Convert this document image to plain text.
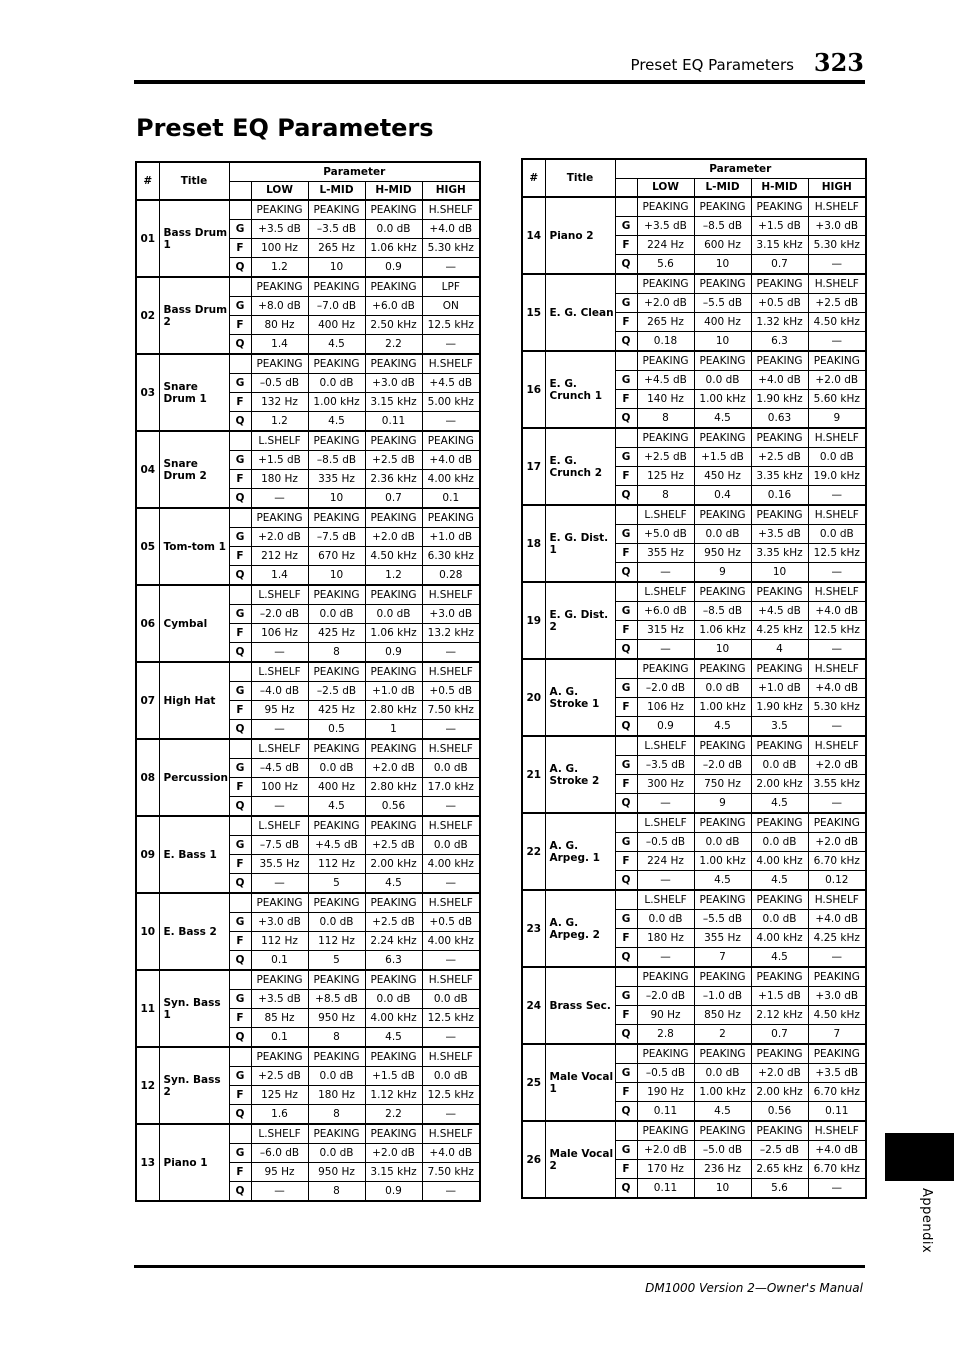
Preset EQ Parameters 323
Preset EQ Parameters
#	Title	Parameter				
			LOW	L-MID	H-MID	HIGH
01	Bass Drum 1		PEAKING	PEAKING	PEAKING	H.SHELF
		G	+3.5 dB	–3.5 dB	0.0 dB	+4.0 dB
		F	100 Hz	265 Hz	1.06 kHz	5.30 kHz
		Q	1.2	10	0.9	—
02	Bass Drum 2		PEAKING	PEAKING	PEAKING	LPF
		G	+8.0 dB	–7.0 dB	+6.0 dB	ON
		F	80 Hz	400 Hz	2.50 kHz	12.5 kHz
		Q	1.4	4.5	2.2	—
03	Snare Drum 1		PEAKING	PEAKING	PEAKING	H.SHELF
		G	–0.5 dB	0.0 dB	+3.0 dB	+4.5 dB
		F	132 Hz	1.00 kHz	3.15 kHz	5.00 kHz
		Q	1.2	4.5	0.11	—
04	Snare Drum 2		L.SHELF	PEAKING	PEAKING	PEAKING
		G	+1.5 dB	–8.5 dB	+2.5 dB	+4.0 dB
		F	180 Hz	335 Hz	2.36 kHz	4.00 kHz
		Q	—	10	0.7	0.1
05	Tom-tom 1		PEAKING	PEAKING	PEAKING	PEAKING
		G	+2.0 dB	–7.5 dB	+2.0 dB	+1.0 dB
		F	212 Hz	670 Hz	4.50 kHz	6.30 kHz
		Q	1.4	10	1.2	0.28
06	Cymbal		L.SHELF	PEAKING	PEAKING	H.SHELF
		G	–2.0 dB	0.0 dB	0.0 dB	+3.0 dB
		F	106 Hz	425 Hz	1.06 kHz	13.2 kHz
		Q	—	8	0.9	—
07	High Hat		L.SHELF	PEAKING	PEAKING	H.SHELF
		G	–4.0 dB	–2.5 dB	+1.0 dB	+0.5 dB
		F	95 Hz	425 Hz	2.80 kHz	7.50 kHz
		Q	—	0.5	1	—
08	Percussion		L.SHELF	PEAKING	PEAKING	H.SHELF
		G	–4.5 dB	0.0 dB	+2.0 dB	0.0 dB
		F	100 Hz	400 Hz	2.80 kHz	17.0 kHz
		Q	—	4.5	0.56	—
09	E. Bass 1		L.SHELF	PEAKING	PEAKING	H.SHELF
		G	–7.5 dB	+4.5 dB	+2.5 dB	0.0 dB
		F	35.5 Hz	112 Hz	2.00 kHz	4.00 kHz
		Q	—	5	4.5	—
10	E. Bass 2		PEAKING	PEAKING	PEAKING	H.SHELF
		G	+3.0 dB	0.0 dB	+2.5 dB	+0.5 dB
		F	112 Hz	112 Hz	2.24 kHz	4.00 kHz
		Q	0.1	5	6.3	—
11	Syn. Bass 1		PEAKING	PEAKING	PEAKING	H.SHELF
		G	+3.5 dB	+8.5 dB	0.0 dB	0.0 dB
		F	85 Hz	950 Hz	4.00 kHz	12.5 kHz
		Q	0.1	8	4.5	—
12	Syn. Bass 2		PEAKING	PEAKING	PEAKING	H.SHELF
		G	+2.5 dB	0.0 dB	+1.5 dB	0.0 dB
		F	125 Hz	180 Hz	1.12 kHz	12.5 kHz
		Q	1.6	8	2.2	—
13	Piano 1		L.SHELF	PEAKING	PEAKING	H.SHELF
		G	–6.0 dB	0.0 dB	+2.0 dB	+4.0 dB
		F	95 Hz	950 Hz	3.15 kHz	7.50 kHz
		Q	—	8	0.9	—
#	Title	Parameter				
			LOW	L-MID	H-MID	HIGH
14	Piano 2		PEAKING	PEAKING	PEAKING	H.SHELF
		G	+3.5 dB	–8.5 dB	+1.5 dB	+3.0 dB
		F	224 Hz	600 Hz	3.15 kHz	5.30 kHz
		Q	5.6	10	0.7	—
15	E. G. Clean		PEAKING	PEAKING	PEAKING	H.SHELF
		G	+2.0 dB	–5.5 dB	+0.5 dB	+2.5 dB
		F	265 Hz	400 Hz	1.32 kHz	4.50 kHz
		Q	0.18	10	6.3	—
16	E. G. Crunch 1		PEAKING	PEAKING	PEAKING	PEAKING
		G	+4.5 dB	0.0 dB	+4.0 dB	+2.0 dB
		F	140 Hz	1.00 kHz	1.90 kHz	5.60 kHz
		Q	8	4.5	0.63	9
17	E. G. Crunch 2		PEAKING	PEAKING	PEAKING	H.SHELF
		G	+2.5 dB	+1.5 dB	+2.5 dB	0.0 dB
		F	125 Hz	450 Hz	3.35 kHz	19.0 kHz
		Q	8	0.4	0.16	—
18	E. G. Dist. 1		L.SHELF	PEAKING	PEAKING	H.SHELF
		G	+5.0 dB	0.0 dB	+3.5 dB	0.0 dB
		F	355 Hz	950 Hz	3.35 kHz	12.5 kHz
		Q	—	9	10	—
19	E. G. Dist. 2		L.SHELF	PEAKING	PEAKING	H.SHELF
		G	+6.0 dB	–8.5 dB	+4.5 dB	+4.0 dB
		F	315 Hz	1.06 kHz	4.25 kHz	12.5 kHz
		Q	—	10	4	—
20	A. G. Stroke 1		PEAKING	PEAKING	PEAKING	H.SHELF
		G	–2.0 dB	0.0 dB	+1.0 dB	+4.0 dB
		F	106 Hz	1.00 kHz	1.90 kHz	5.30 kHz
		Q	0.9	4.5	3.5	—
21	A. G. Stroke 2		L.SHELF	PEAKING	PEAKING	H.SHELF
		G	–3.5 dB	–2.0 dB	0.0 dB	+2.0 dB
		F	300 Hz	750 Hz	2.00 kHz	3.55 kHz
		Q	—	9	4.5	—
22	A. G. Arpeg. 1		L.SHELF	PEAKING	PEAKING	PEAKING
		G	–0.5 dB	0.0 dB	0.0 dB	+2.0 dB
		F	224 Hz	1.00 kHz	4.00 kHz	6.70 kHz
		Q	—	4.5	4.5	0.12
23	A. G. Arpeg. 2		L.SHELF	PEAKING	PEAKING	H.SHELF
		G	0.0 dB	–5.5 dB	0.0 dB	+4.0 dB
		F	180 Hz	355 Hz	4.00 kHz	4.25 kHz
		Q	—	7	4.5	—
24	Brass Sec.		PEAKING	PEAKING	PEAKING	PEAKING
		G	–2.0 dB	–1.0 dB	+1.5 dB	+3.0 dB
		F	90 Hz	850 Hz	2.12 kHz	4.50 kHz
		Q	2.8	2	0.7	7
25	Male Vocal 1		PEAKING	PEAKING	PEAKING	PEAKING
		G	–0.5 dB	0.0 dB	+2.0 dB	+3.5 dB
		F	190 Hz	1.00 kHz	2.00 kHz	6.70 kHz
		Q	0.11	4.5	0.56	0.11
26	Male Vocal 2		PEAKING	PEAKING	PEAKING	H.SHELF
		G	+2.0 dB	–5.0 dB	–2.5 dB	+4.0 dB
		F	170 Hz	236 Hz	2.65 kHz	6.70 kHz
		Q	0.11	10	5.6	—	Appendix
DM1000 Version 2—Owner's Manual
